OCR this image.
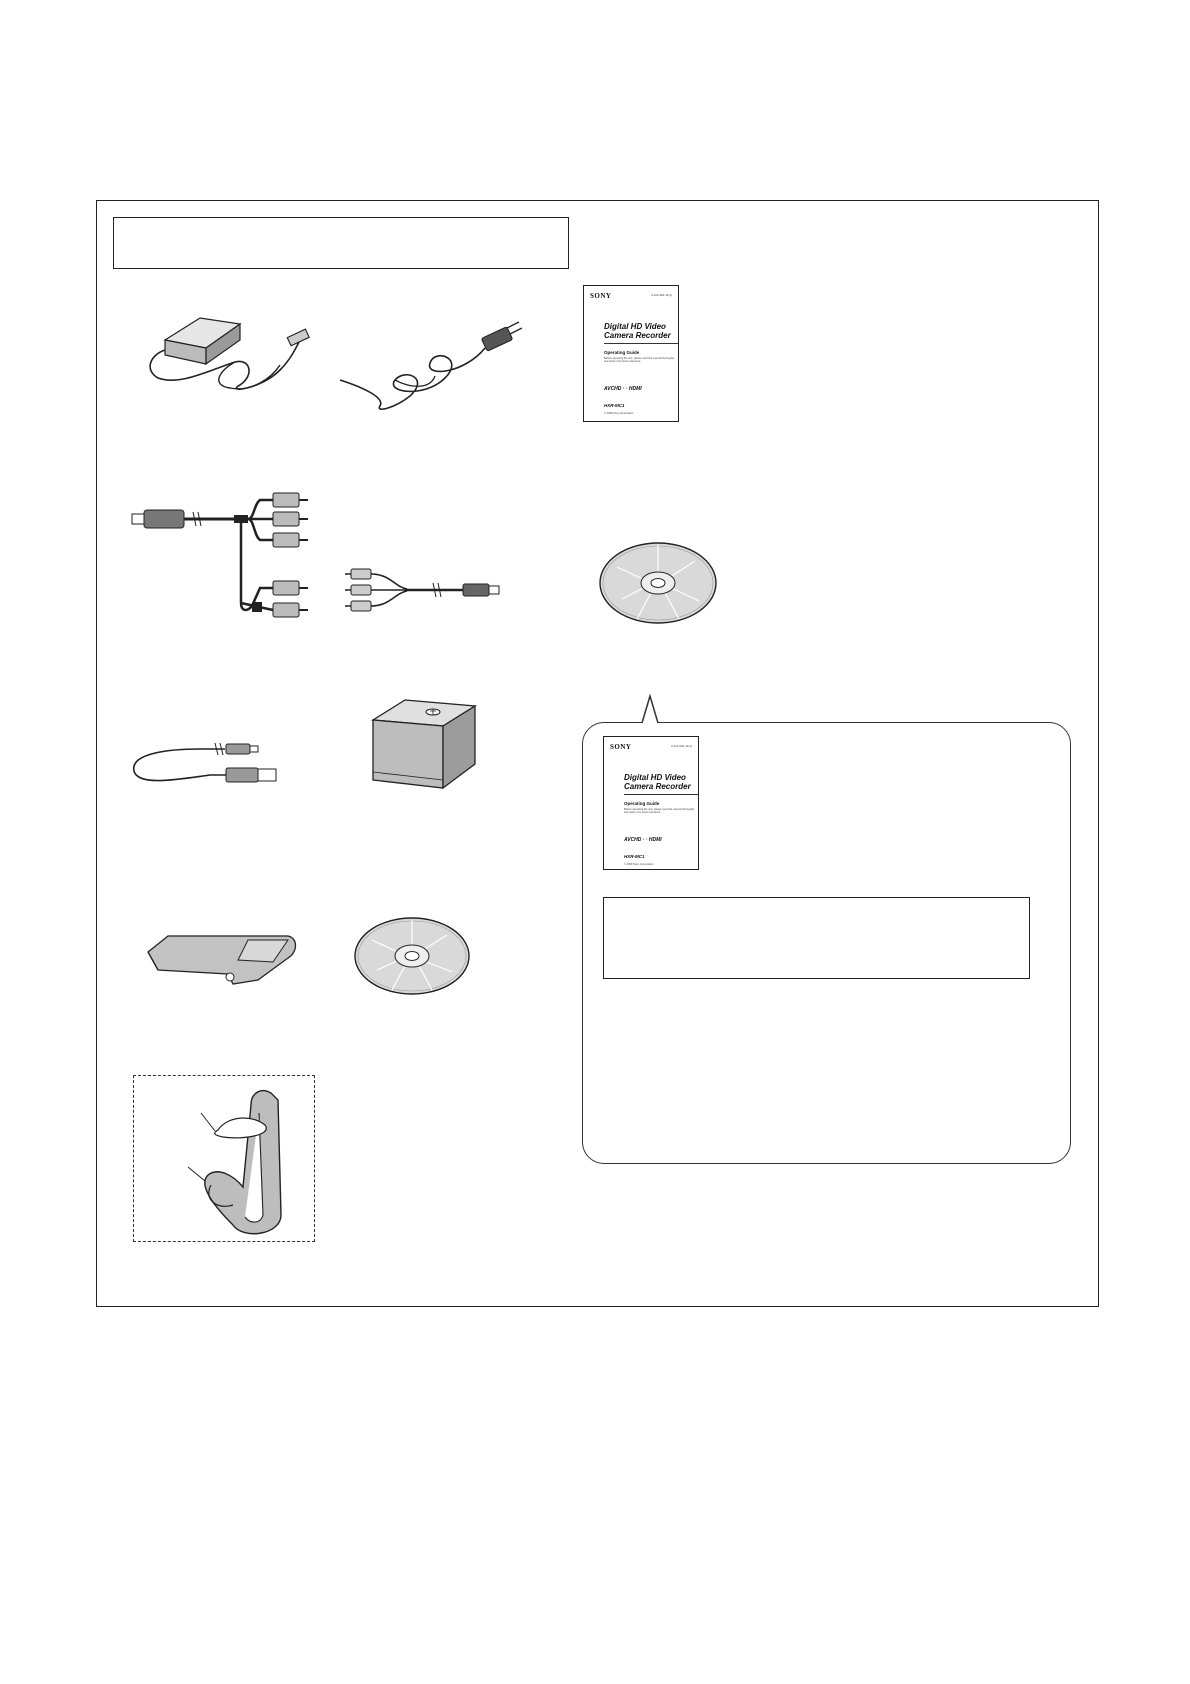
SONY	3-111-903-11(1)
Digital HD Video
Camera Recorder
Operating Guide
Before operating the unit, please read this manual thoroughly, and retain it for future reference.
AVCHD · · HDMI
HXR-MC1
© 2008 Sony Corporation
SONY	3-111-903-11(1)
Digital HD Video
Camera Recorder
Operating Guide
Before operating the unit, please read this manual thoroughly, and retain it for future reference.
AVCHD · · HDMI
HXR-MC1
© 2008 Sony Corporation
